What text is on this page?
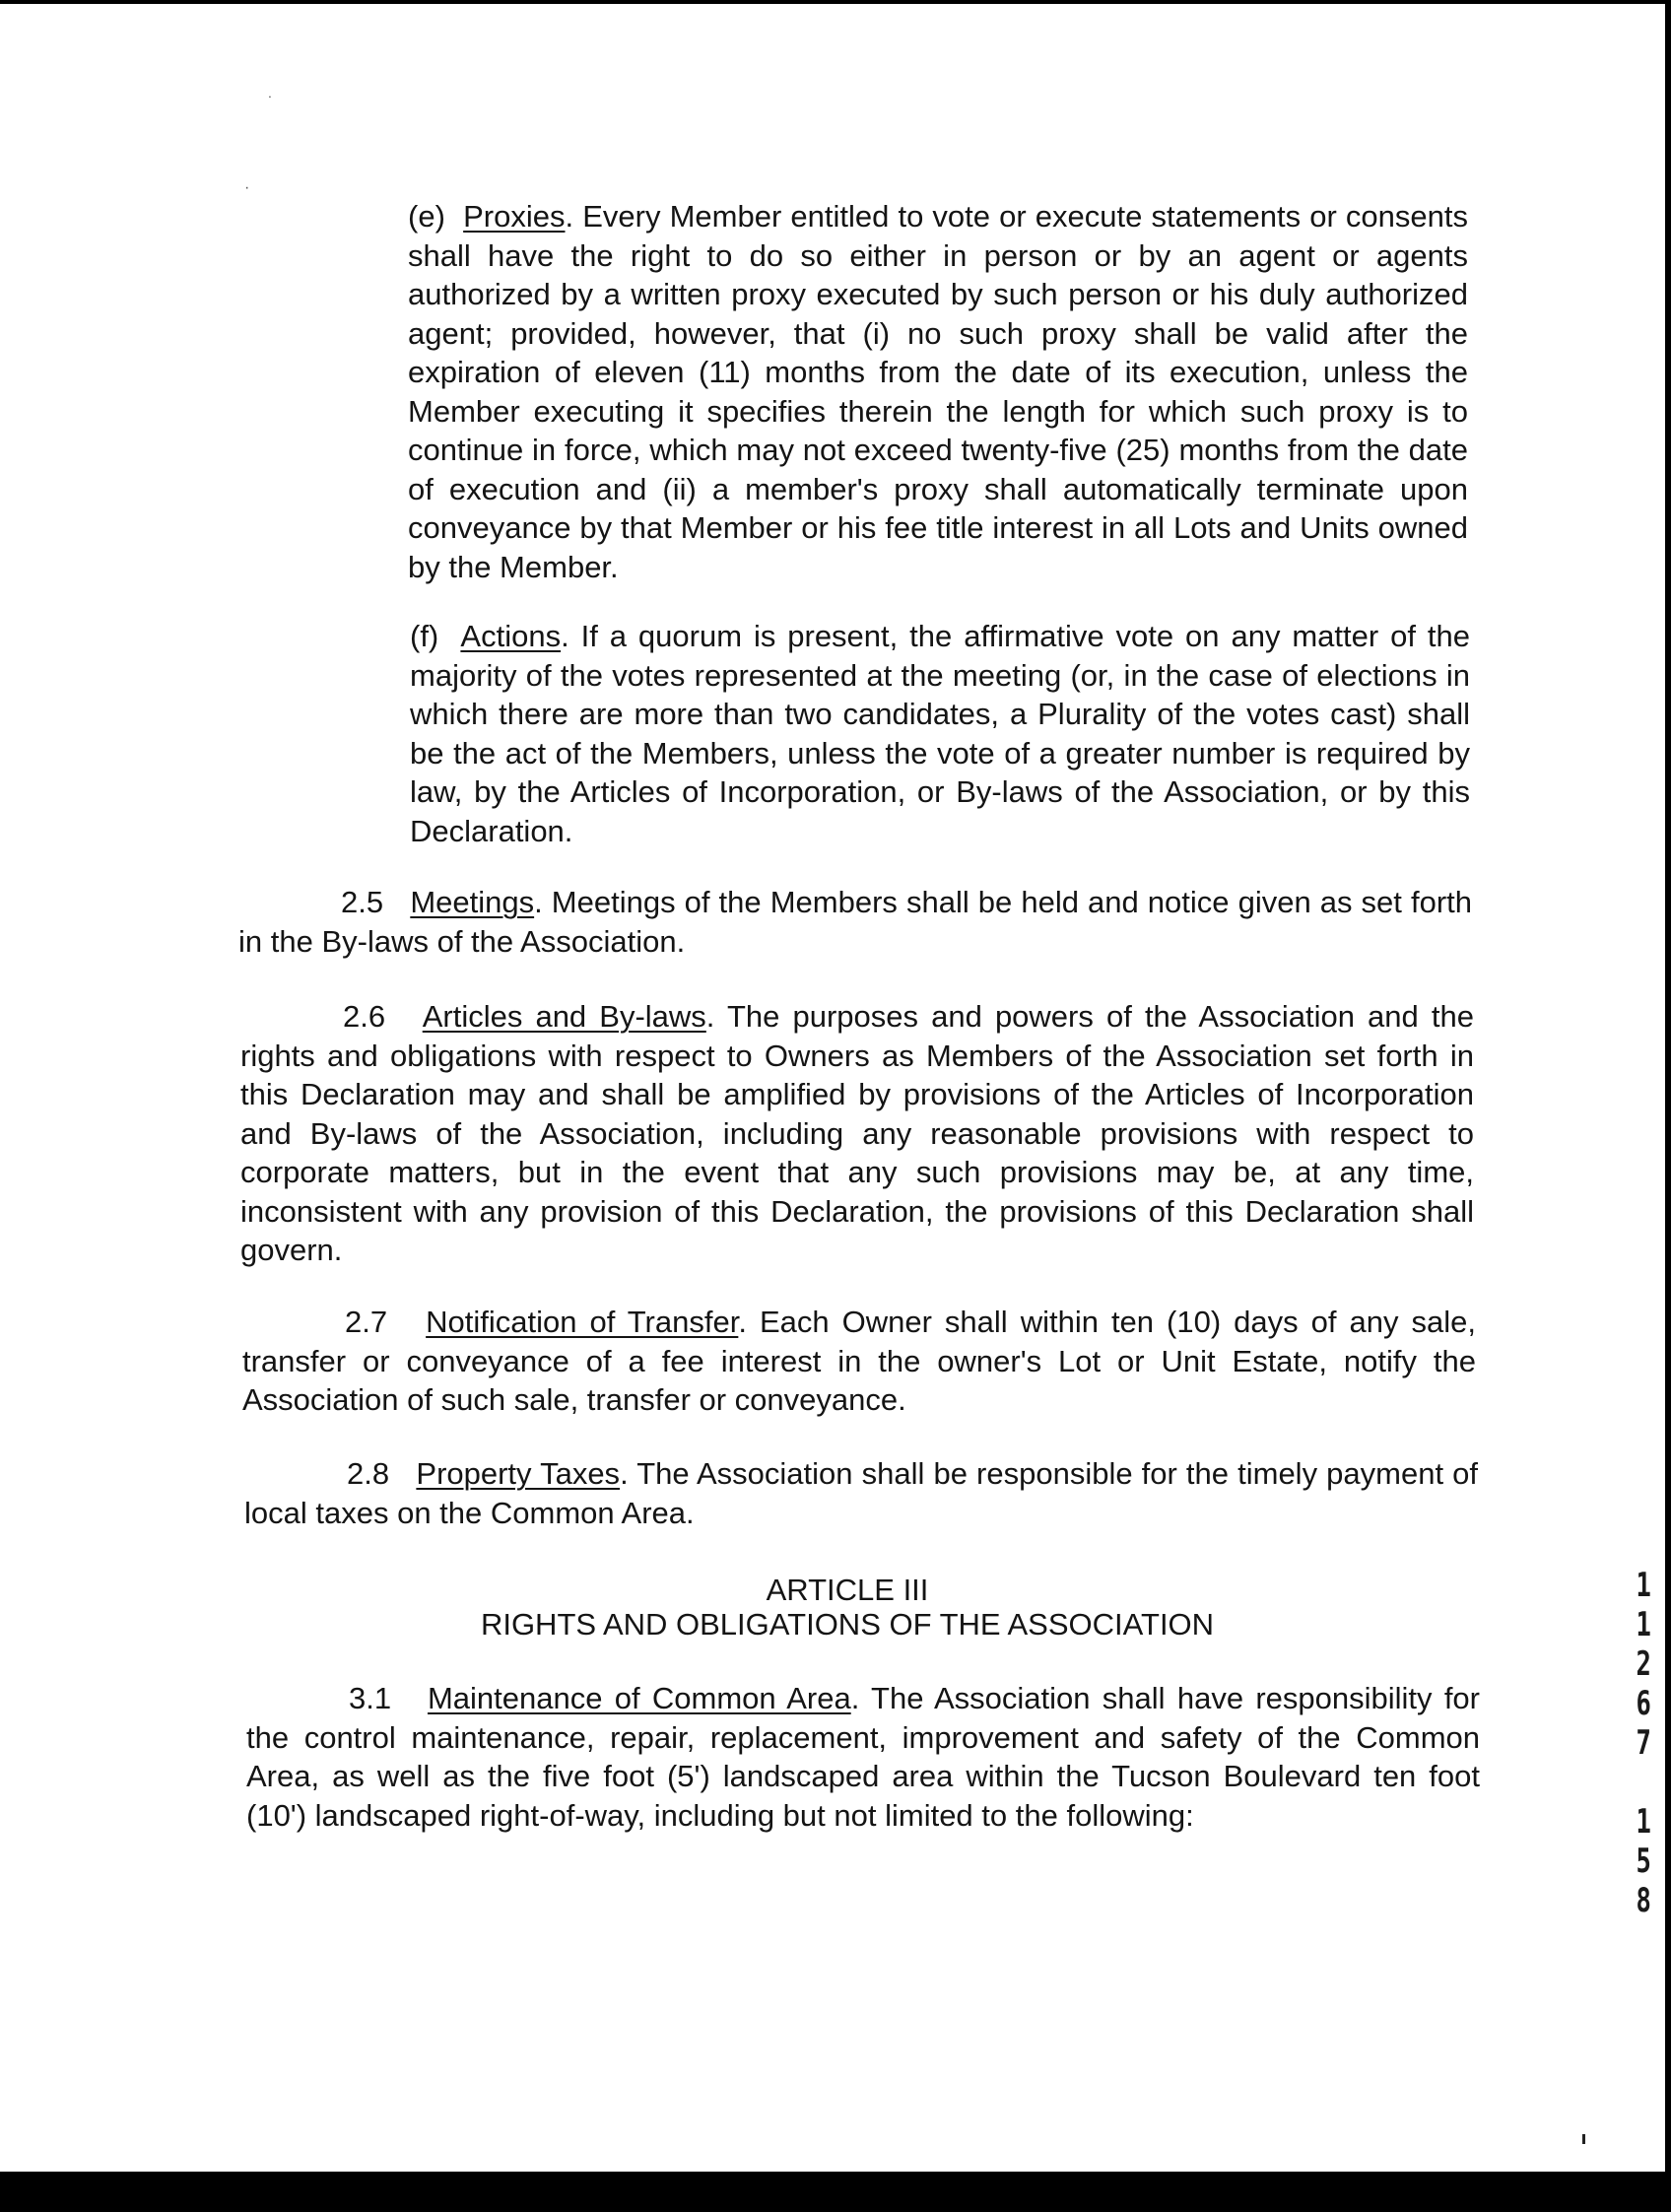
˙
·

(e) Proxies. Every Member entitled to vote or execute statements or consents shall have the right to do so either in person or by an agent or agents authorized by a written proxy executed by such person or his duly authorized agent; provided, however, that (i) no such proxy shall be valid after the expiration of eleven (11) months from the date of its execution, unless the Member executing it specifies therein the length for which such proxy is to continue in force, which may not exceed twenty-five (25) months from the date of execution and (ii) a member's proxy shall automatically terminate upon conveyance by that Member or his fee title interest in all Lots and Units owned by the Member.

(f) Actions. If a quorum is present, the affirmative vote on any matter of the majority of the votes represented at the meeting (or, in the case of elections in which there are more than two candidates, a Plurality of the votes cast) shall be the act of the Members, unless the vote of a greater number is required by law, by the Articles of Incorporation, or By-laws of the Association, or by this Declaration.

2.5 Meetings. Meetings of the Members shall be held and notice given as set forth in the By-laws of the Association.

2.6 Articles and By-laws. The purposes and powers of the Association and the rights and obligations with respect to Owners as Members of the Association set forth in this Declaration may and shall be amplified by provisions of the Articles of Incorporation and By-laws of the Association, including any reasonable provisions with respect to corporate matters, but in the event that any such provisions may be, at any time, inconsistent with any provision of this Declaration, the provisions of this Declaration shall govern.

2.7 Notification of Transfer. Each Owner shall within ten (10) days of any sale, transfer or conveyance of a fee interest in the owner's Lot or Unit Estate, notify the Association of such sale, transfer or conveyance.

2.8 Property Taxes. The Association shall be responsible for the timely payment of local taxes on the Common Area.

ARTICLE III

RIGHTS AND OBLIGATIONS OF THE ASSOCIATION

3.1 Maintenance of Common Area. The Association shall have responsibility for the control maintenance, repair, replacement, improvement and safety of the Common Area, as well as the five foot (5') landscaped area within the Tucson Boulevard ten foot (10') landscaped right-of-way, including but not limited to the following:

1
1
2
6
7
1
5
8
